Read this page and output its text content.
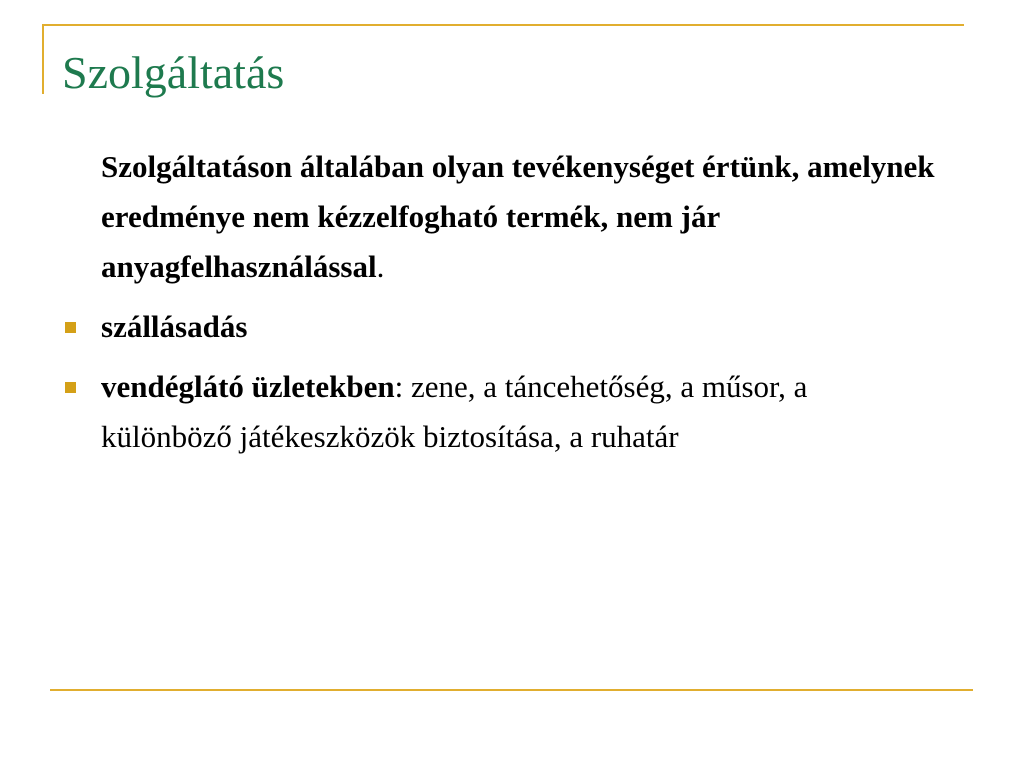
Szolgáltatás

Szolgáltatáson általában olyan tevékenységet értünk, amelynek eredménye nem kézzelfogható termék, nem jár anyagfelhasználással.

szállásadás
vendéglátó üzletekben: zene, a táncehetőség, a műsor, a különböző játékeszközök biztosítása, a ruhatár
